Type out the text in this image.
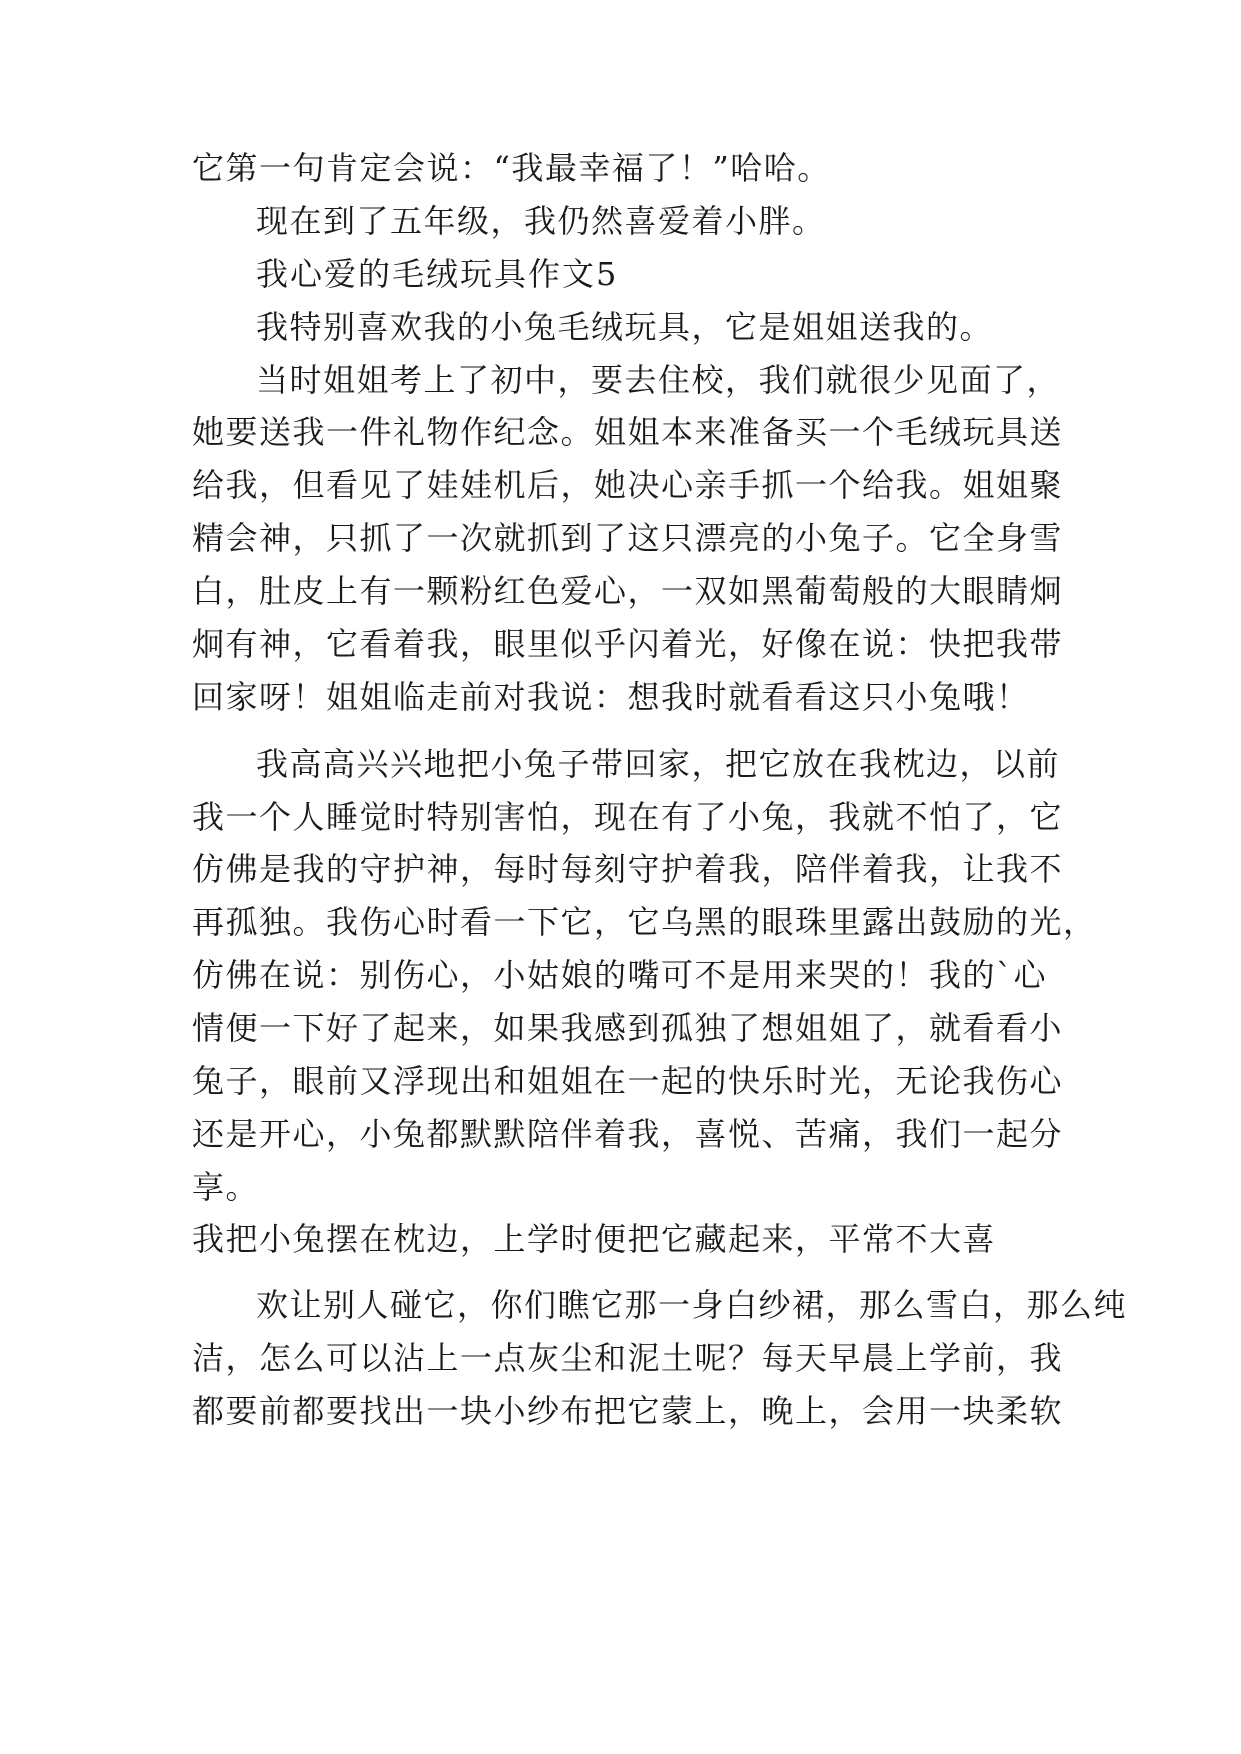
它第一句肯定会说：“我最幸福了！”哈哈。
现在到了五年级，我仍然喜爱着小胖。
我心爱的毛绒玩具作文5
我特别喜欢我的小兔毛绒玩具，它是姐姐送我的。
当时姐姐考上了初中，要去住校，我们就很少见面了，
她要送我一件礼物作纪念。姐姐本来准备买一个毛绒玩具送
给我，但看见了娃娃机后，她决心亲手抓一个给我。姐姐聚
精会神，只抓了一次就抓到了这只漂亮的小兔子。它全身雪
白，肚皮上有一颗粉红色爱心，一双如黑葡萄般的大眼睛炯
炯有神，它看着我，眼里似乎闪着光，好像在说：快把我带
回家呀！姐姐临走前对我说：想我时就看看这只小兔哦！
我高高兴兴地把小兔子带回家，把它放在我枕边，以前
我一个人睡觉时特别害怕，现在有了小兔，我就不怕了，它
仿佛是我的守护神，每时每刻守护着我，陪伴着我，让我不
再孤独。我伤心时看一下它，它乌黑的眼珠里露出鼓励的光，
仿佛在说：别伤心，小姑娘的嘴可不是用来哭的！我的`心
情便一下好了起来，如果我感到孤独了想姐姐了，就看看小
兔子，眼前又浮现出和姐姐在一起的快乐时光，无论我伤心
还是开心，小兔都默默陪伴着我，喜悦、苦痛，我们一起分
享。
我把小兔摆在枕边，上学时便把它藏起来，平常不大喜
欢让别人碰它，你们瞧它那一身白纱裙，那么雪白，那么纯
洁，怎么可以沾上一点灰尘和泥土呢？每天早晨上学前，我
都要前都要找出一块小纱布把它蒙上，晚上，会用一块柔软
